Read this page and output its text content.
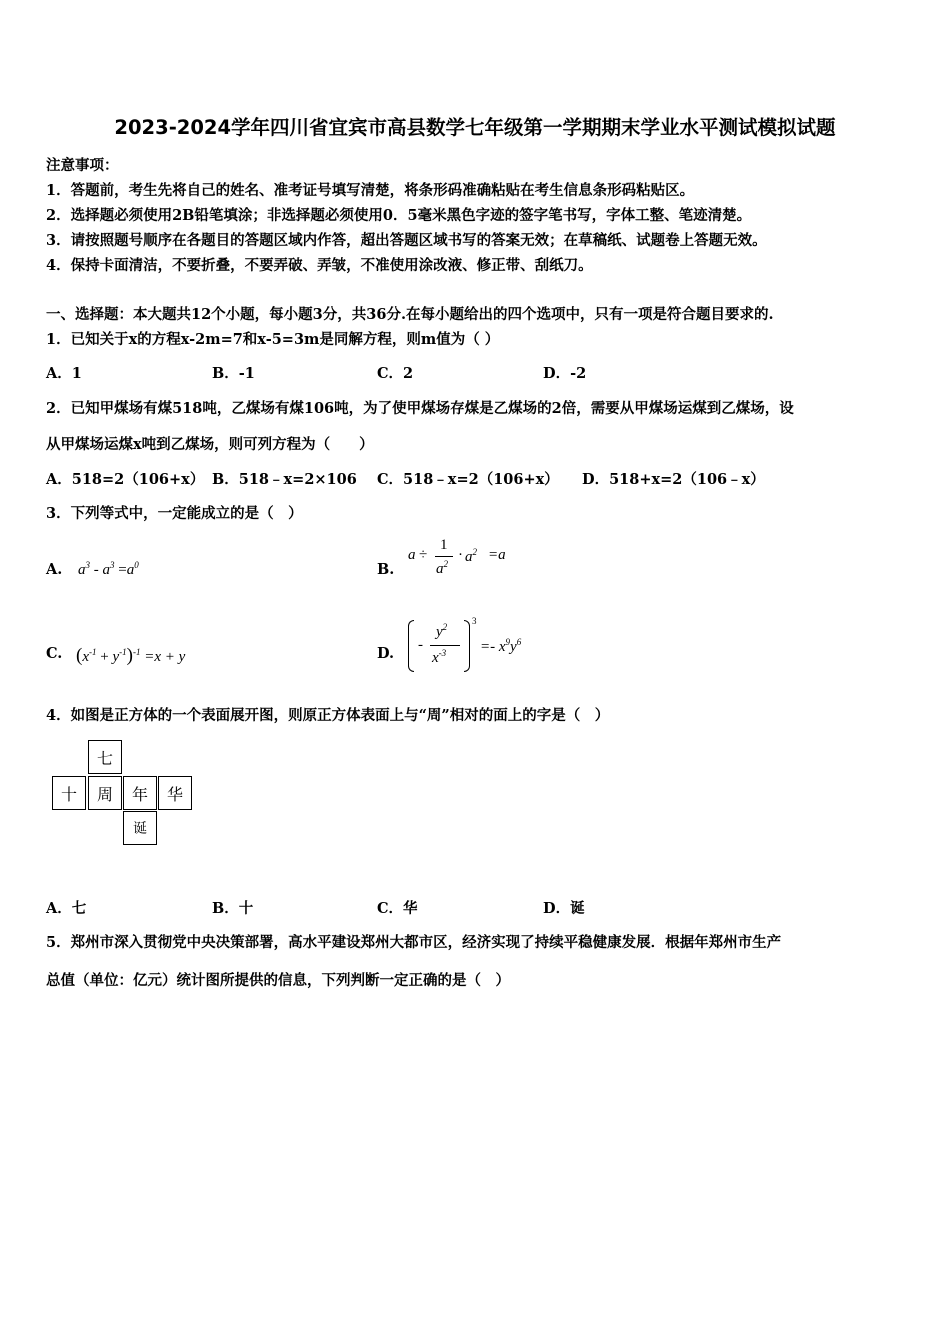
2023-2024学年四川省宜宾市高县数学七年级第一学期期末学业水平测试模拟试题
注意事项：
1．答题前，考生先将自己的姓名、准考证号填写清楚，将条形码准确粘贴在考生信息条形码粘贴区。
2．选择题必须使用2B铅笔填涂；非选择题必须使用0．5毫米黑色字迹的签字笔书写，字体工整、笔迹清楚。
3．请按照题号顺序在各题目的答题区域内作答，超出答题区域书写的答案无效；在草稿纸、试题卷上答题无效。
4．保持卡面清洁，不要折叠，不要弄破、弄皱，不准使用涂改液、修正带、刮纸刀。
一、选择题：本大题共12个小题，每小题3分，共36分.在每小题给出的四个选项中，只有一项是符合题目要求的.
1．已知关于x的方程x-2m=7和x-5=3m是同解方程，则m值为（ ）
A．1	B．-1	C．2	D．-2
2．已知甲煤场有煤518吨，乙煤场有煤106吨，为了使甲煤场存煤是乙煤场的2倍，需要从甲煤场运煤到乙煤场，设
从甲煤场运煤x吨到乙煤场，则可列方程为（　　）
A．518=2（106+x） B．518﹣x=2×106 C．518﹣x=2（106+x） D．518+x=2（106﹣x）
3．下列等式中，一定能成立的是（　）
A. $a^3 - a^3 =a^0$	B.
a ÷
1
$a^2$
· $a^2 =a$
C. $(x^{-1} + y^{-1})^{-1} =x + y$	D. -
$y^2$
$x^{-3}$
3
=- $x^9y^6$
4．如图是正方体的一个表面展开图，则原正方体表面上与“周”相对的面上的字是（　）
七
十	周	年	华
诞
A．七	B．十	C．华	D．诞
5．郑州市深入贯彻党中央决策部署，高水平建设郑州大都市区，经济实现了持续平稳健康发展．根据年郑州市生产
总值（单位：亿元）统计图所提供的信息，下列判断一定正确的是（　）
